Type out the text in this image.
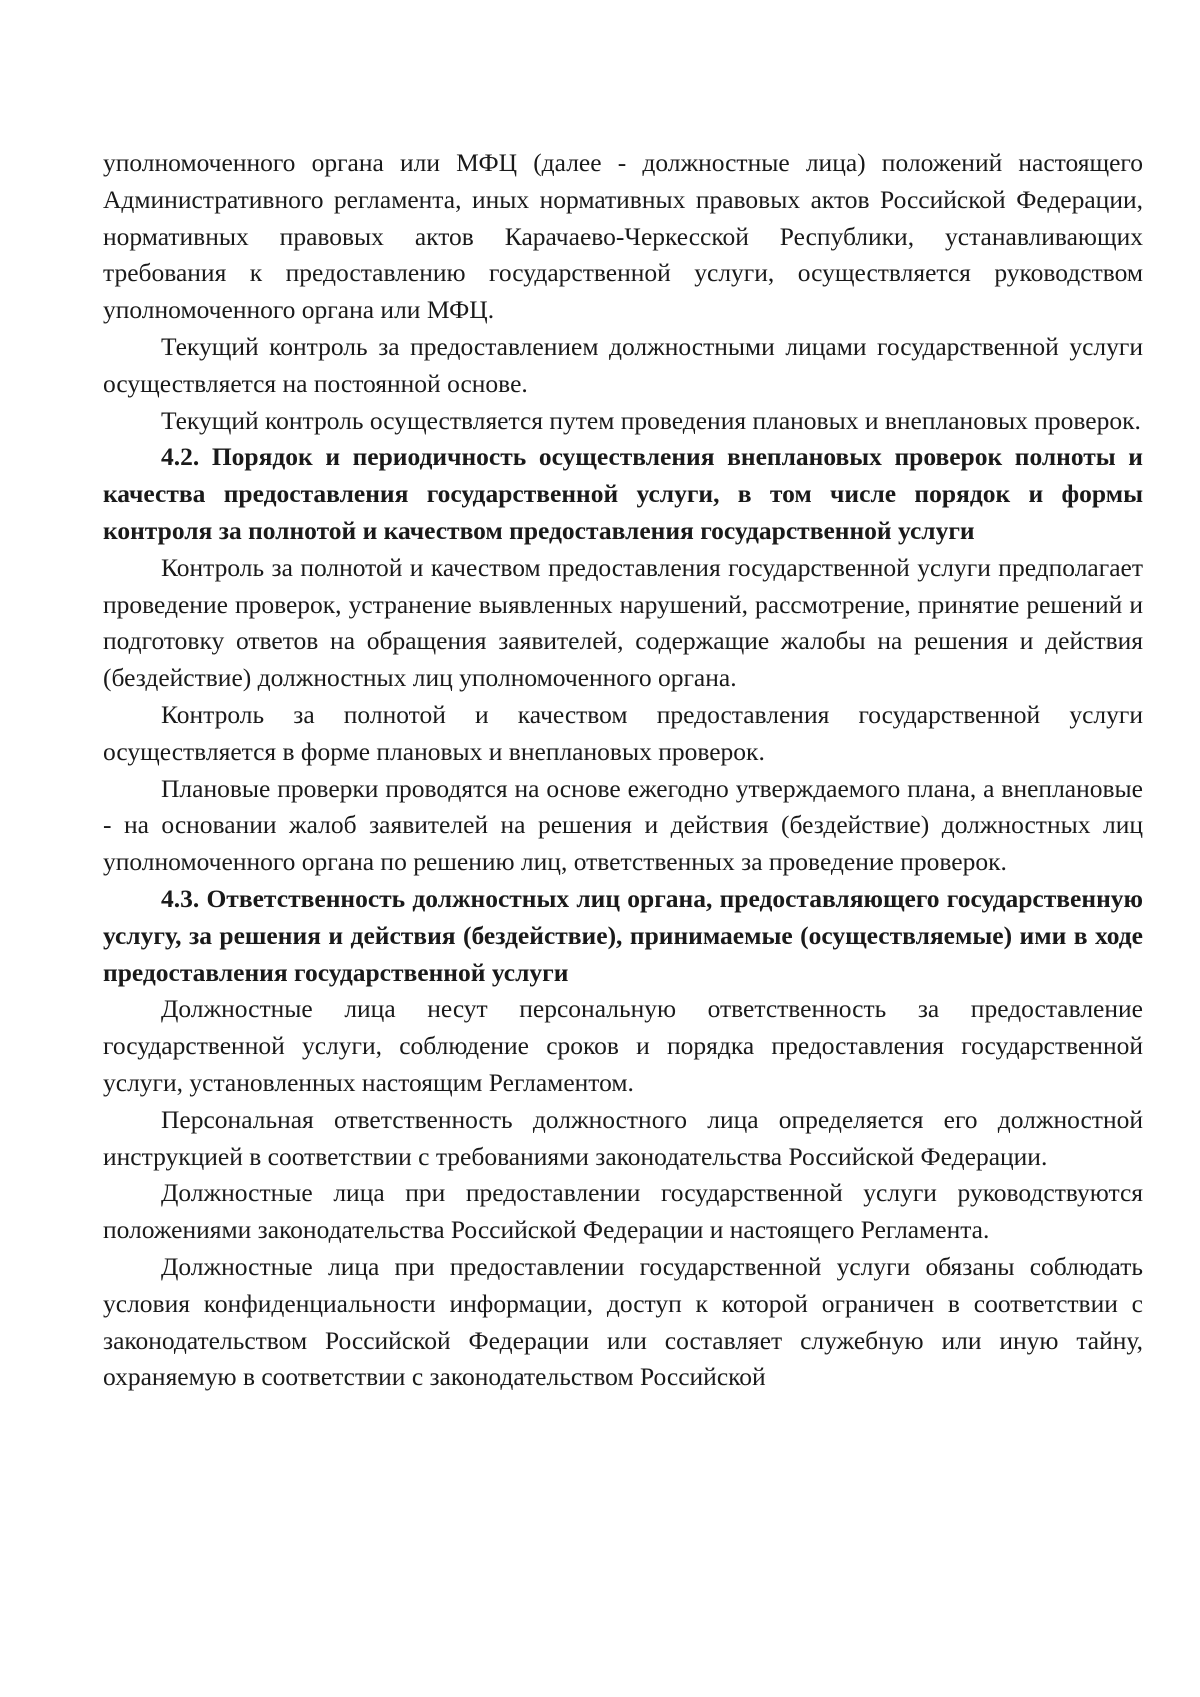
уполномоченного органа или МФЦ (далее - должностные лица) положений настоящего Административного регламента, иных нормативных правовых актов Российской Федерации, нормативных правовых актов Карачаево-Черкесской Республики, устанавливающих требования к предоставлению государственной услуги, осуществляется руководством уполномоченного органа или МФЦ.

Текущий контроль за предоставлением должностными лицами государственной услуги осуществляется на постоянной основе.

Текущий контроль осуществляется путем проведения плановых и внеплановых проверок.

4.2. Порядок и периодичность осуществления внеплановых проверок полноты и качества предоставления государственной услуги, в том числе порядок и формы контроля за полнотой и качеством предоставления государственной услуги

Контроль за полнотой и качеством предоставления государственной услуги предполагает проведение проверок, устранение выявленных нарушений, рассмотрение, принятие решений и подготовку ответов на обращения заявителей, содержащие жалобы на решения и действия (бездействие) должностных лиц уполномоченного органа.

Контроль за полнотой и качеством предоставления государственной услуги осуществляется в форме плановых и внеплановых проверок.

Плановые проверки проводятся на основе ежегодно утверждаемого плана, а внеплановые - на основании жалоб заявителей на решения и действия (бездействие) должностных лиц уполномоченного органа по решению лиц, ответственных за проведение проверок.

4.3. Ответственность должностных лиц органа, предоставляющего государственную услугу, за решения и действия (бездействие), принимаемые (осуществляемые) ими в ходе предоставления государственной услуги

Должностные лица несут персональную ответственность за предоставление государственной услуги, соблюдение сроков и порядка предоставления государственной услуги, установленных настоящим Регламентом.

Персональная ответственность должностного лица определяется его должностной инструкцией в соответствии с требованиями законодательства Российской Федерации.

Должностные лица при предоставлении государственной услуги руководствуются положениями законодательства Российской Федерации и настоящего Регламента.

Должностные лица при предоставлении государственной услуги обязаны соблюдать условия конфиденциальности информации, доступ к которой ограничен в соответствии с законодательством Российской Федерации или составляет служебную или иную тайну, охраняемую в соответствии с законодательством Российской
